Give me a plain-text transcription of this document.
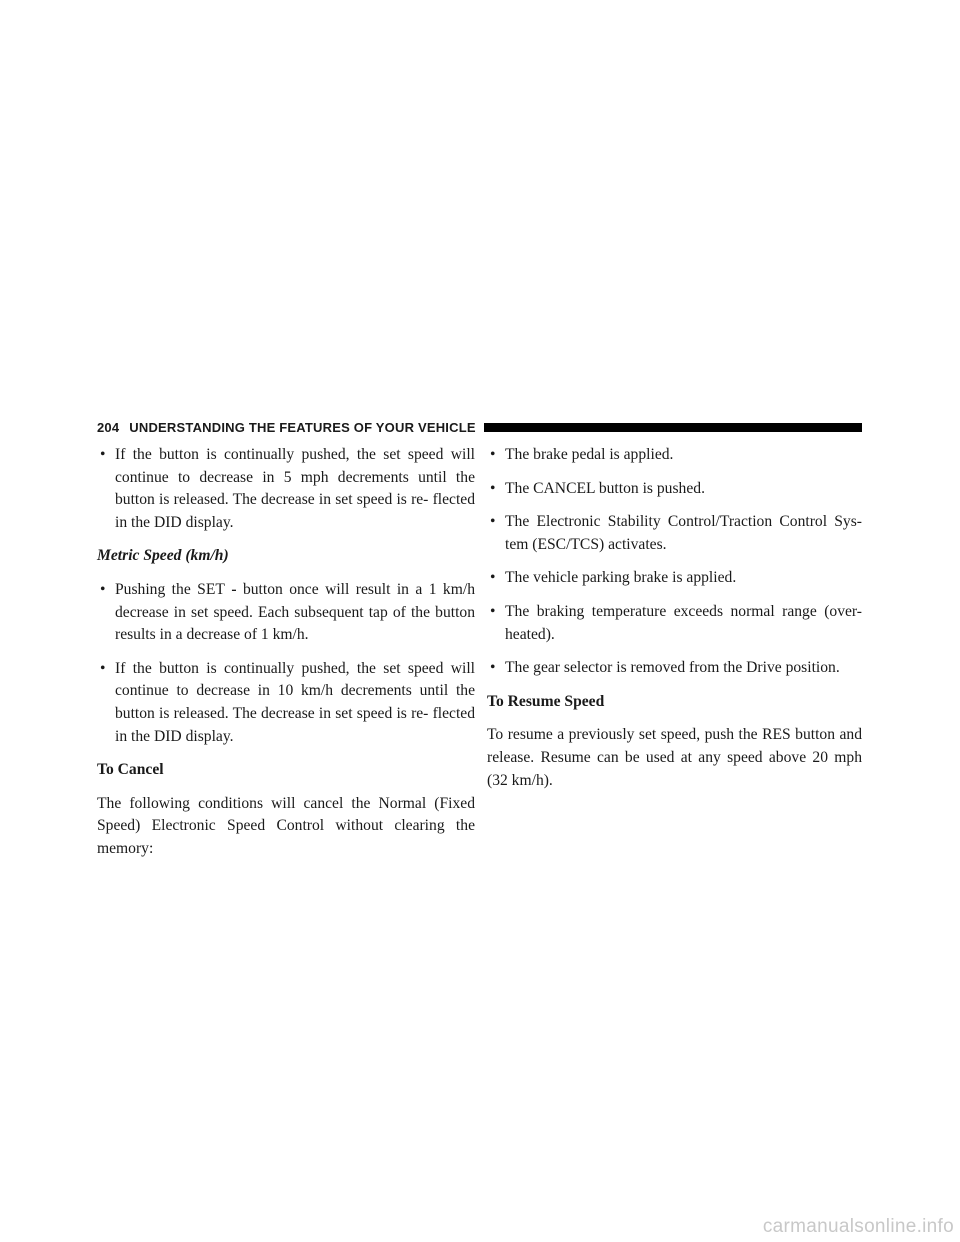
204 UNDERSTANDING THE FEATURES OF YOUR VEHICLE
• If the button is continually pushed, the set speed will continue to decrease in 5 mph decrements until the button is released. The decrease in set speed is re- flected in the DID display.
Metric Speed (km/h)
• Pushing the SET - button once will result in a 1 km/h decrease in set speed. Each subsequent tap of the button results in a decrease of 1 km/h.
• If the button is continually pushed, the set speed will continue to decrease in 10 km/h decrements until the button is released. The decrease in set speed is re- flected in the DID display.
To Cancel
The following conditions will cancel the Normal (Fixed Speed) Electronic Speed Control without clearing the memory:
• The brake pedal is applied.
• The CANCEL button is pushed.
• The Electronic Stability Control/Traction Control Sys- tem (ESC/TCS) activates.
• The vehicle parking brake is applied.
• The braking temperature exceeds normal range (over- heated).
• The gear selector is removed from the Drive position.
To Resume Speed
To resume a previously set speed, push the RES button and release. Resume can be used at any speed above 20 mph (32 km/h).
carmanualsonline.info
